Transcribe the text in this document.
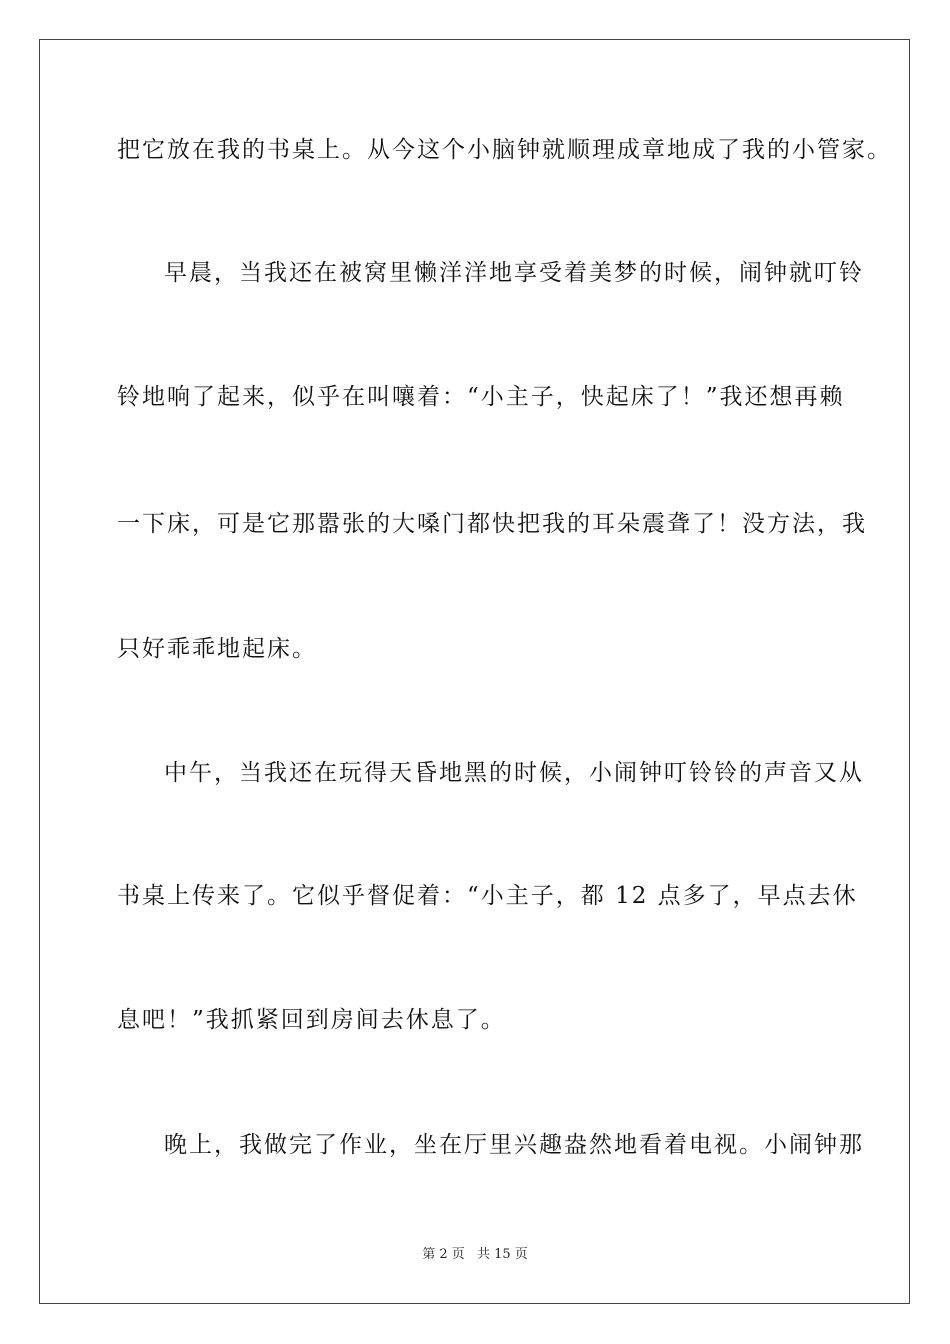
把它放在我的书桌上。从今这个小脑钟就顺理成章地成了我的小管家。
早晨，当我还在被窝里懒洋洋地享受着美梦的时候，闹钟就叮铃
铃地响了起来，似乎在叫嚷着：“小主子，快起床了！”我还想再赖
一下床，可是它那嚣张的大嗓门都快把我的耳朵震聋了！没方法，我
只好乖乖地起床。
中午，当我还在玩得天昏地黑的时候，小闹钟叮铃铃的声音又从
书桌上传来了。它似乎督促着：“小主子，都 12 点多了，早点去休
息吧！”我抓紧回到房间去休息了。
晚上，我做完了作业，坐在厅里兴趣盎然地看着电视。小闹钟那
第 2 页 共 15 页
